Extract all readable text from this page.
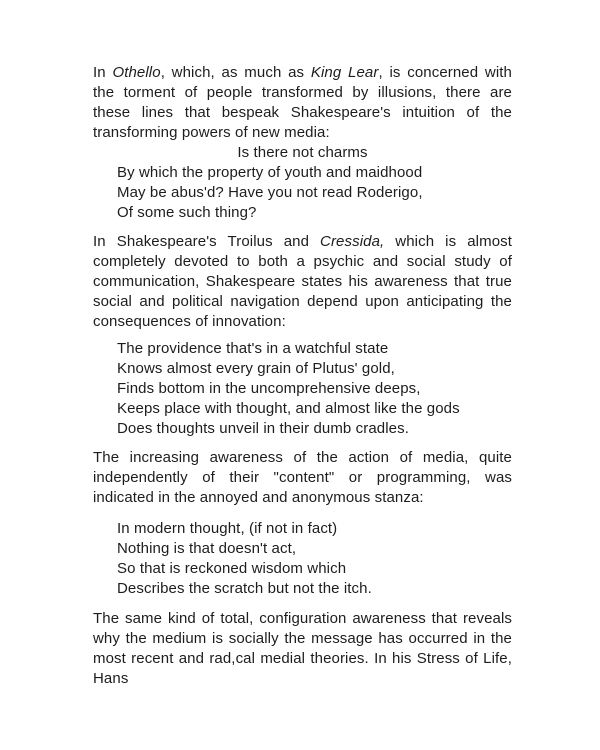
In Othello, which, as much as King Lear, is concerned with the torment of people transformed by illusions, there are these lines that bespeak Shakespeare's intuition of the transforming powers of new media:

Is there not charms
By which the property of youth and maidhood
May be abus'd? Have you not read Roderigo,
Of some such thing?

In Shakespeare's Troilus and Cressida, which is almost completely devoted to both a psychic and social study of communication, Shakespeare states his awareness that true social and political navigation depend upon anticipating the consequences of innovation:

The providence that's in a watchful state
Knows almost every grain of Plutus' gold,
Finds bottom in the uncomprehensive deeps,
Keeps place with thought, and almost like the gods
Does thoughts unveil in their dumb cradles.

The increasing awareness of the action of media, quite independently of their "content" or programming, was indicated in the annoyed and anonymous stanza:

In modern thought, (if not in fact)
Nothing is that doesn't act,
So that is reckoned wisdom which
Describes the scratch but not the itch.

The same kind of total, configuration awareness that reveals why the medium is socially the message has occurred in the most recent and rad,cal medial theories. In his Stress of Life, Hans
